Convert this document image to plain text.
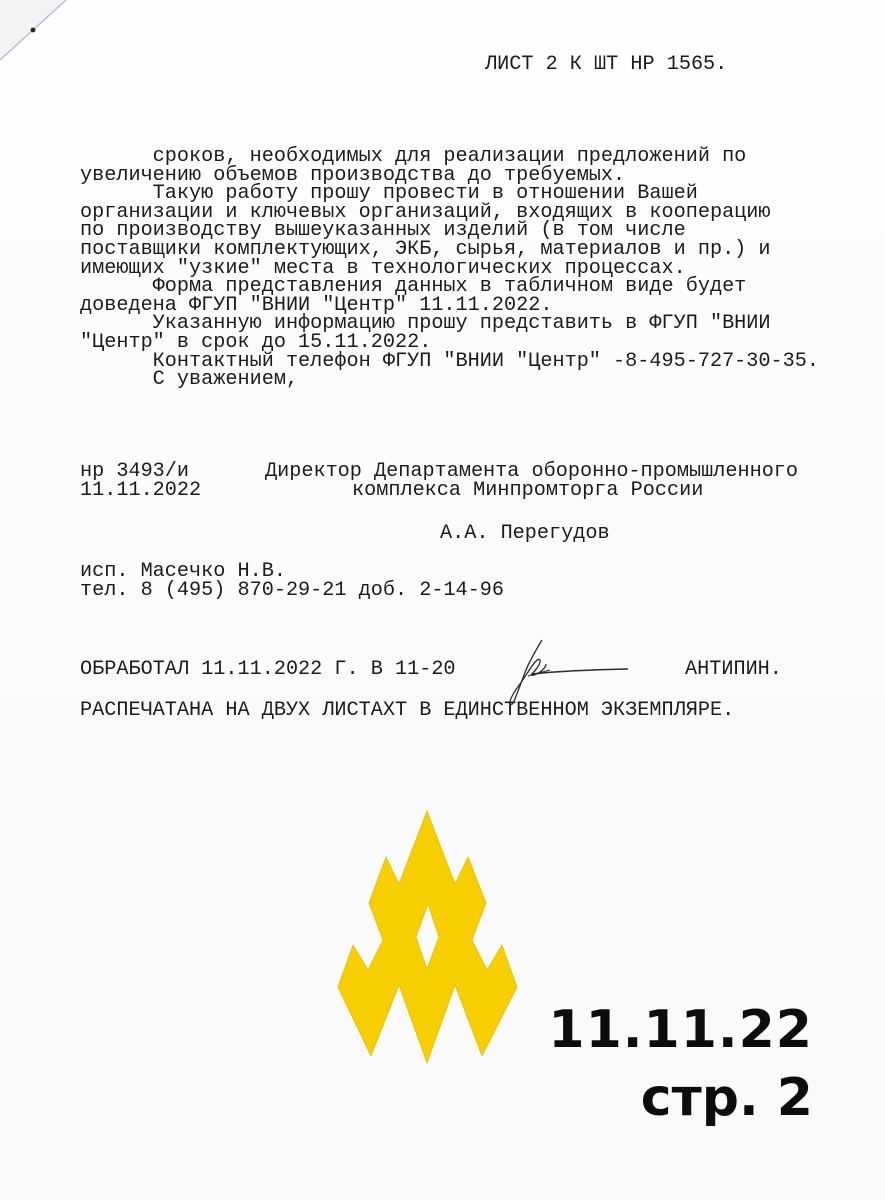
ЛИСТ 2 К ШТ НР 1565.
сроков, необходимых для реализации предложений по
увеличению объемов производства до требуемых.
Такую работу прошу провести в отношении Вашей
организации и ключевых организаций, входящих в кооперацию
по производству вышеуказанных изделий (в том числе
поставщики комплектующих, ЭКБ, сырья, материалов и пр.) и
имеющих "узкие" места в технологических процессах.
Форма представления данных в табличном виде будет
доведена ФГУП "ВНИИ "Центр" 11.11.2022.
Указанную информацию прошу представить в ФГУП "ВНИИ
"Центр" в срок до 15.11.2022.
Контактный телефон ФГУП "ВНИИ "Центр" -8-495-727-30-35.
С уважением,
нр 3493/и
11.11.2022
Директор Департамента оборонно-промышленного
комплекса Минпромторга России
А.А. Перегудов
исп. Масечко Н.В.
тел. 8 (495) 870-29-21 доб. 2-14-96
ОБРАБОТАЛ 11.11.2022 Г. В 11-20	АНТИПИН.
РАСПЕЧАТАНА НА ДВУХ ЛИСТАХТ В ЕДИНСТВЕННОМ ЭКЗЕМПЛЯРЕ.
11.11.22
стр. 2
